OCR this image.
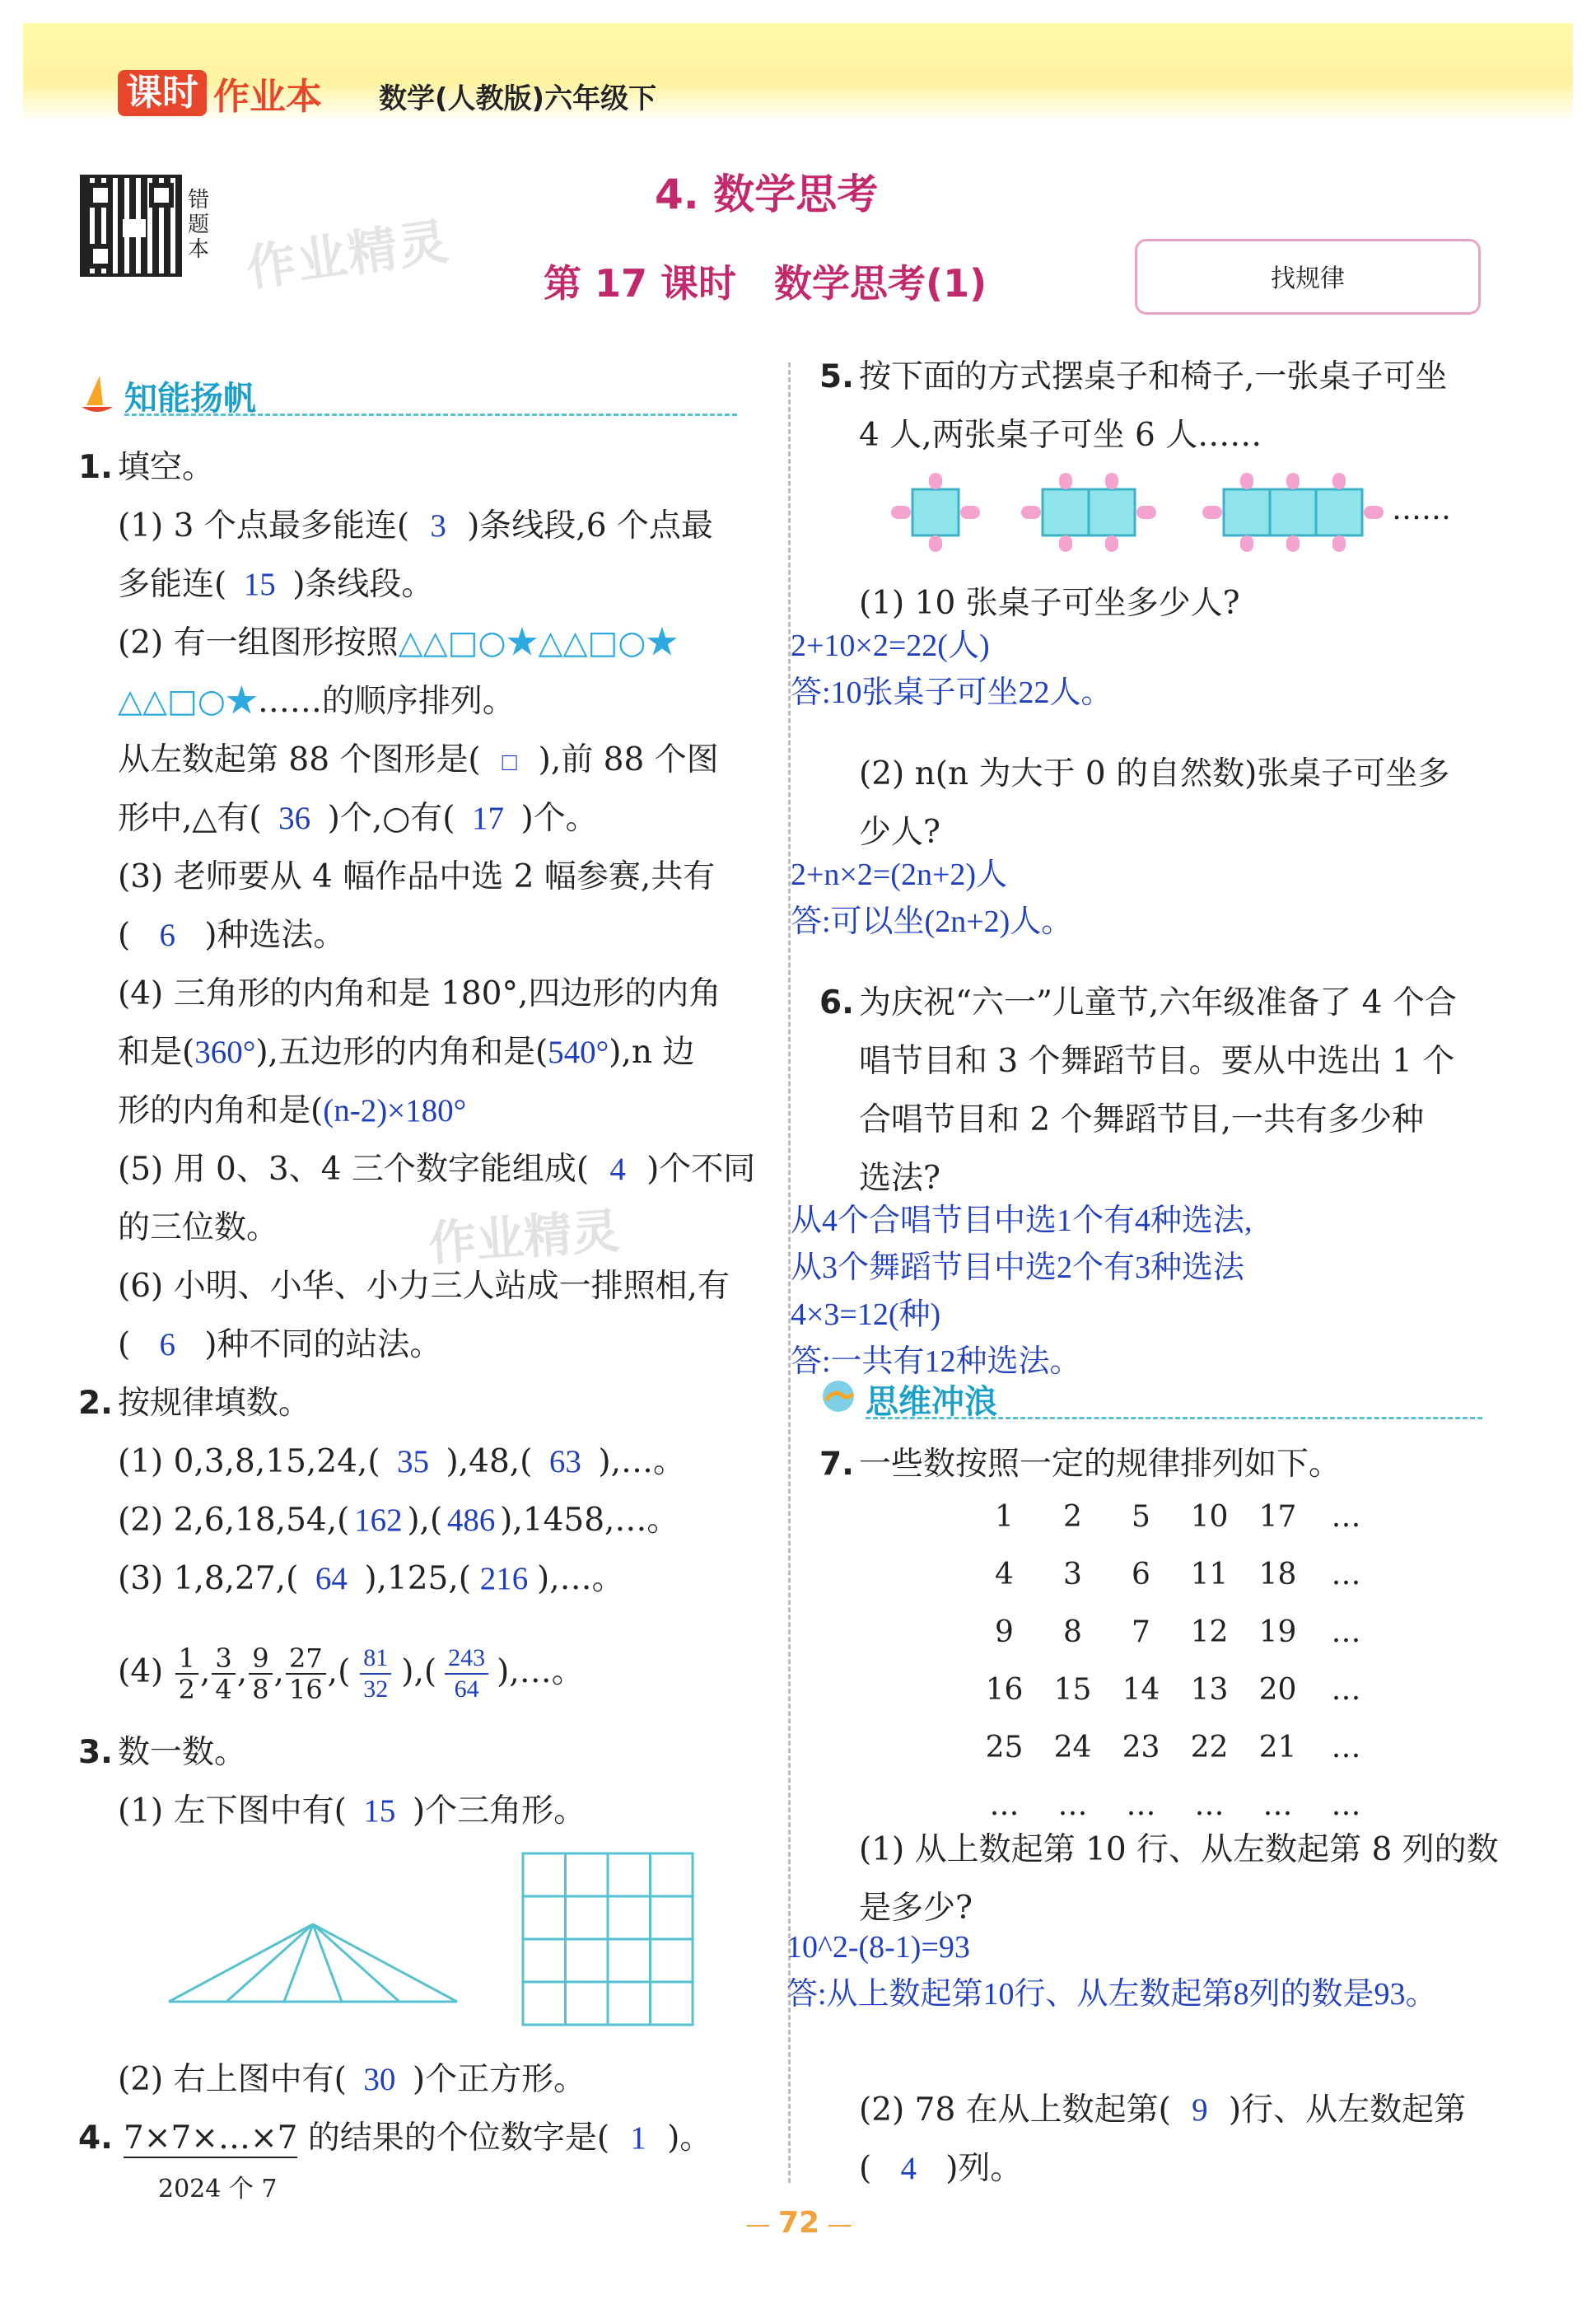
课时 作业本 数学(人教版)六年级下
错题本 作业精灵
4. 数学思考
第 17 课时　数学思考(1)	找规律
知能扬帆
1. 填空。
(1) 3 个点最多能连( 3 )条线段,6 个点最
多能连( 15 )条线段。
(2) 有一组图形按照△△□○★△△□○★
△△□○★……的顺序排列。
从左数起第 88 个图形是( □ ),前 88 个图
形中,△有( 36 )个,○有( 17 )个。
(3) 老师要从 4 幅作品中选 2 幅参赛,共有
( 6 )种选法。
(4) 三角形的内角和是 180°,四边形的内角
和是(360°),五边形的内角和是(540°),n 边
形的内角和是((n-2)×180°
(5) 用 0、3、4 三个数字能组成( 4 )个不同
的三位数。	作业精灵
(6) 小明、小华、小力三人站成一排照相,有
( 6 )种不同的站法。
2. 按规律填数。
(1) 0,3,8,15,24,( 35 ),48,( 63 ),…。
(2) 2,6,18,54,( 162 ),( 486 ),1458,…。
(3) 1,8,27,( 64 ),125,( 216 ),…。
$(4) \frac{1}{2}$ , $\frac{3}{4}$ , $\frac{9}{8}$ , $\frac{27}{16}$ ,( $\frac{81}{32}$ ),( $\frac{243}{64}$ ),…。
3. 数一数。
(1) 左下图中有( 15 )个三角形。
(2) 右上图中有( 30 )个正方形。
4. 7×7×…×7 的结果的个位数字是( 1 )。
2024 个 7
5. 按下面的方式摆桌子和椅子,一张桌子可坐
4 人,两张桌子可坐 6 人……
……
(1) 10 张桌子可坐多少人?
2+10×2=22(人)
答:10张桌子可坐22人。
(2) n(n 为大于 0 的自然数)张桌子可坐多
少人?
2+n×2=(2n+2)人
答:可以坐(2n+2)人。
6. 为庆祝“六一”儿童节,六年级准备了 4 个合
唱节目和 3 个舞蹈节目。要从中选出 1 个
合唱节目和 2 个舞蹈节目,一共有多少种
选法?
从4个合唱节目中选1个有4种选法,
从3个舞蹈节目中选2个有3种选法
4×3=12(种)
答:一共有12种选法。
思维冲浪
7. 一些数按照一定的规律排列如下。
1	2	5	10	17	…
4	3	6	11	18	…
9	8	7	12	19	…
16	15	14	13	20	…
25	24	23	22	21	…
…	…	…	…	…	…
(1) 从上数起第 10 行、从左数起第 8 列的数
是多少?
10^2-(8-1)=93
答:从上数起第10行、从左数起第8列的数是93。
(2) 78 在从上数起第( 9 )行、从左数起第
( 4 )列。
— 72 —
